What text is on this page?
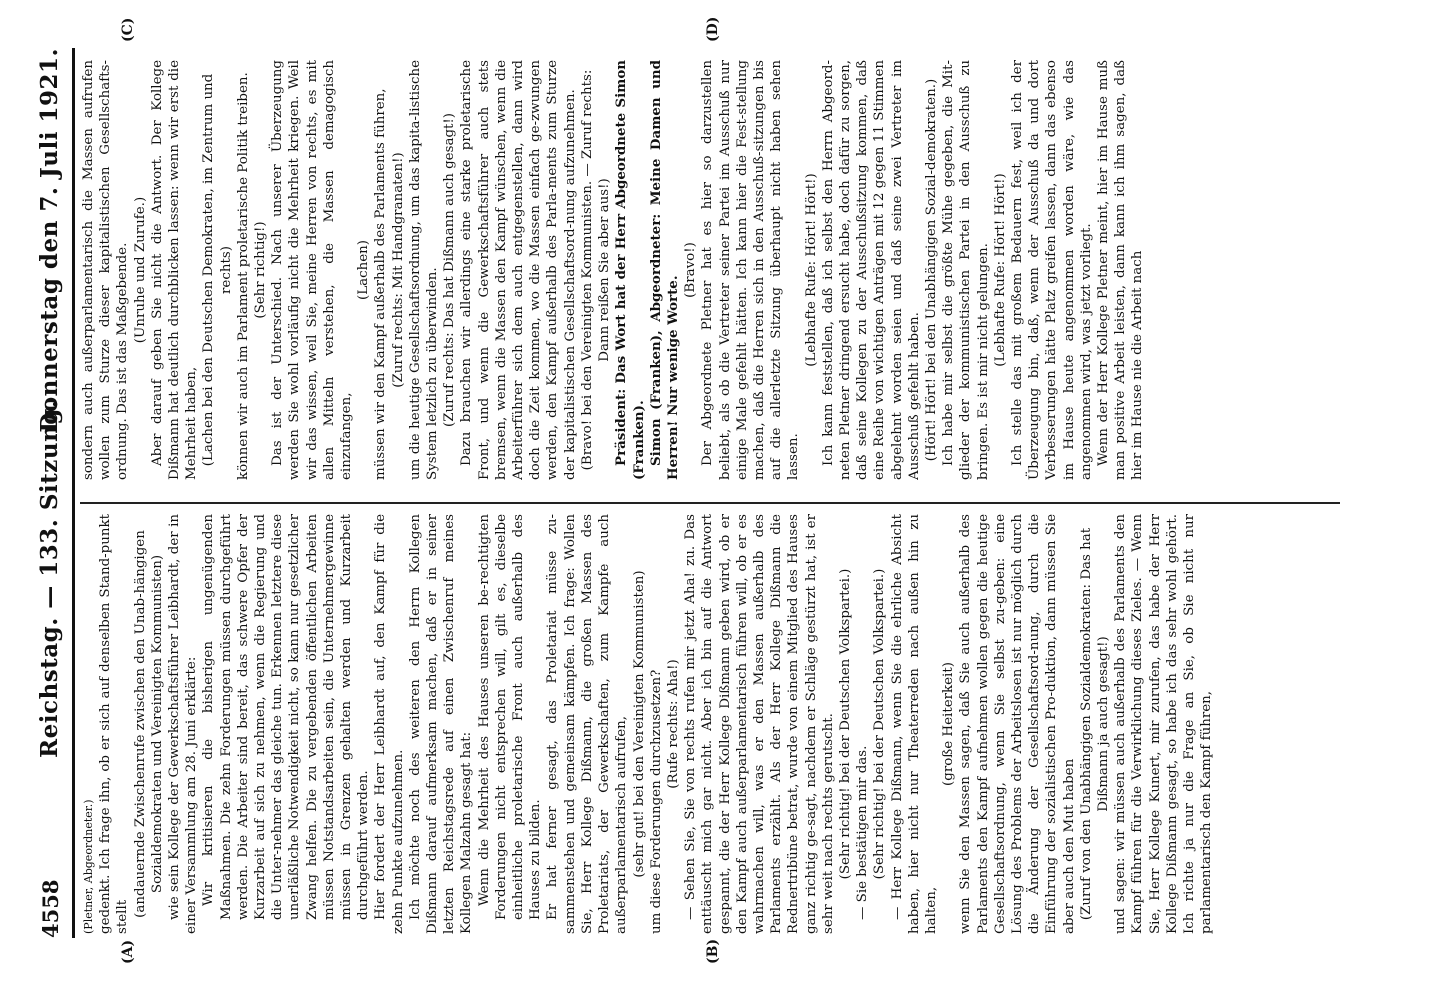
4558
Reichstag. — 133. Sitzung.
Donnerstag den 7. Juli 1921.
(A)	(B)
(C)	(D)

(Pletner, Abgeordneter.) gedenkt. Ich frage ihn, ob er sich auf denselben Stand-punkt stellt (andauernde Zwischenrufe zwischen den Unab-hängigen Sozialdemokraten und Vereinigten Kommunisten) wie sein Kollege der Gewerkschaftsführer Leibhardt, der in einer Versammlung am 28. Juni erklärte: Wir kritisieren die bisherigen ungenügenden Maßnahmen. Die zehn Forderungen müssen durchgeführt werden. Die Arbeiter sind bereit, das schwere Opfer der Kurzarbeit auf sich zu nehmen, wenn die Regierung und die Unter-nehmer das gleiche tun. Erkennen letztere diese unerläßliche Notwendigkeit nicht, so kann nur gesetzlicher Zwang helfen. Die zu vergebenden öffentlichen Arbeiten müssen Notstandsarbeiten sein, die Unternehmergewinne müssen in Grenzen gehalten werden und Kurzarbeit durchgeführt werden. Hier fordert der Herr Leibhardt auf, den Kampf für die zehn Punkte aufzunehmen. Ich möchte noch des weiteren den Herrn Kollegen Dißmann darauf aufmerksam machen, daß er in seiner letzten Reichstagsrede auf einen Zwischenruf meines Kollegen Malzahn gesagt hat: Wenn die Mehrheit des Hauses unseren be-rechtigten Forderungen nicht entsprechen will, gilt es, dieselbe einheitliche proletarische Front auch außerhalb des Hauses zu bilden. Er hat ferner gesagt, das Proletariat müsse zu-sammenstehen und gemeinsam kämpfen. Ich frage: Wollen Sie, Herr Kollege Dißmann, die großen Massen des Proletariats, der Gewerkschaften, zum Kampfe auch außerparlamentarisch aufrufen, (sehr gut! bei den Vereinigten Kommunisten) um diese Forderungen durchzusetzen? (Rufe rechts: Aha!) — Sehen Sie, Sie von rechts rufen mir jetzt Aha! zu. Das enttäuscht mich gar nicht. Aber ich bin auf die Antwort gespannt, die der Herr Kollege Dißmann geben wird, ob er den Kampf auch außerparlamentarisch führen will, ob er es wahrmachen will, was er den Massen außerhalb des Parlaments erzählt. Als der Herr Kollege Dißmann die Rednertribüne betrat, wurde von einem Mitglied des Hauses ganz richtig ge-sagt, nachdem er Schläge gestürzt hat, ist er sehr weit nach rechts gerutscht. (Sehr richtig! bei der Deutschen Volkspartei.) — Sie bestätigen mir das. (Sehr richtig! bei der Deutschen Volkspartei.) — Herr Kollege Dißmann, wenn Sie die ehrliche Absicht haben, hier nicht nur Theaterreden nach außen hin zu halten,

(große Heiterkeit) wenn Sie den Massen sagen, daß Sie auch außerhalb des Parlaments den Kampf aufnehmen wollen gegen die heutige Gesellschaftsordnung, wenn Sie selbst zu-geben: eine Lösung des Problems der Arbeitslosen ist nur möglich durch die Änderung der Gesellschaftsord-nung, durch die Einführung der sozialistischen Pro-duktion, dann müssen Sie aber auch den Mut haben (Zuruf von den Unabhängigen Sozialdemokraten: Das hat Dißmann ja auch gesagt!) und sagen: wir müssen auch außerhalb des Parlaments den Kampf führen für die Verwirklichung dieses Zieles. — Wenn Sie, Herr Kollege Kunert, mir zurufen, das habe der Herr Kollege Dißmann gesagt, so habe ich das sehr wohl gehört. Ich richte ja nur die Frage an Sie, ob Sie nicht nur parlamentarisch den Kampf führen,

sondern auch außerparlamentarisch die Massen aufrufen wollen zum Sturze dieser kapitalistischen Gesellschafts-ordnung. Das ist das Maßgebende. (Unruhe und Zurufe.) Aber darauf geben Sie nicht die Antwort. Der Kollege Dißmann hat deutlich durchblicken lassen: wenn wir erst die Mehrheit haben, (Lachen bei den Deutschen Demokraten, im Zentrum und rechts) können wir auch im Parlament proletarische Politik treiben. (Sehr richtig!) Das ist der Unterschied. Nach unserer Überzeugung werden Sie wohl vorläufig nicht die Mehrheit kriegen. Weil wir das wissen, weil Sie, meine Herren von rechts, es mit allen Mitteln verstehen, die Massen demagogisch einzufangen,

(Lachen) müssen wir den Kampf außerhalb des Parlaments führen, (Zuruf rechts: Mit Handgranaten!) um die heutige Gesellschaftsordnung, um das kapita-listische System letzlich zu überwinden. (Zuruf rechts: Das hat Dißmann auch gesagt!) Dazu brauchen wir allerdings eine starke proletarische Front, und wenn die Gewerkschaftsführer auch stets bremsen, wenn die Massen den Kampf wünschen, wenn die Arbeiterführer sich dem auch entgegenstellen, dann wird doch die Zeit kommen, wo die Massen einfach ge-zwungen werden, den Kampf außerhalb des Parla-ments zum Sturze der kapitalistischen Gesellschaftsord-nung aufzunehmen. (Bravo! bei den Vereinigten Kommunisten. — Zuruf rechts: Dann reißen Sie aber aus!) Präsident: Das Wort hat der Herr Abgeordnete Simon (Franken). Simon (Franken), Abgeordneter: Meine Damen und Herren! Nur wenige Worte.

(Bravo!) Der Abgeordnete Pletner hat es hier so darzustellen beliebt, als ob die Vertreter seiner Partei im Ausschuß nur einige Male gefehlt hätten. Ich kann hier die Fest-stellung machen, daß die Herren sich in den Ausschuß-sitzungen bis auf die allerletzte Sitzung überhaupt nicht haben sehen lassen.

(Lebhafte Rufe: Hört! Hört!) Ich kann feststellen, daß ich selbst den Herrn Abgeord-neten Pletner dringend ersucht habe, doch dafür zu sorgen, daß seine Kollegen zu der Ausschußsitzung kommen, daß eine Reihe von wichtigen Anträgen mit 12 gegen 11 Stimmen abgelehnt worden seien und daß seine zwei Vertreter im Ausschuß gefehlt haben. (Hört! Hört! bei den Unabhängigen Sozial-demokraten.) Ich habe mir selbst die größte Mühe gegeben, die Mit-glieder der kommunistischen Partei in den Ausschuß zu bringen. Es ist mir nicht gelungen. (Lebhafte Rufe: Hört! Hört!) Ich stelle das mit großem Bedauern fest, weil ich der Überzeugung bin, daß, wenn der Ausschuß da und dort Verbesserungen hätte Platz greifen lassen, dann das ebenso im Hause heute angenommen worden wäre, wie das angenommen wird, was jetzt vorliegt. Wenn der Herr Kollege Pletner meint, hier im Hause muß man positive Arbeit leisten, dann kann ich ihm sagen, daß hier im Hause nie die Arbeit nach
